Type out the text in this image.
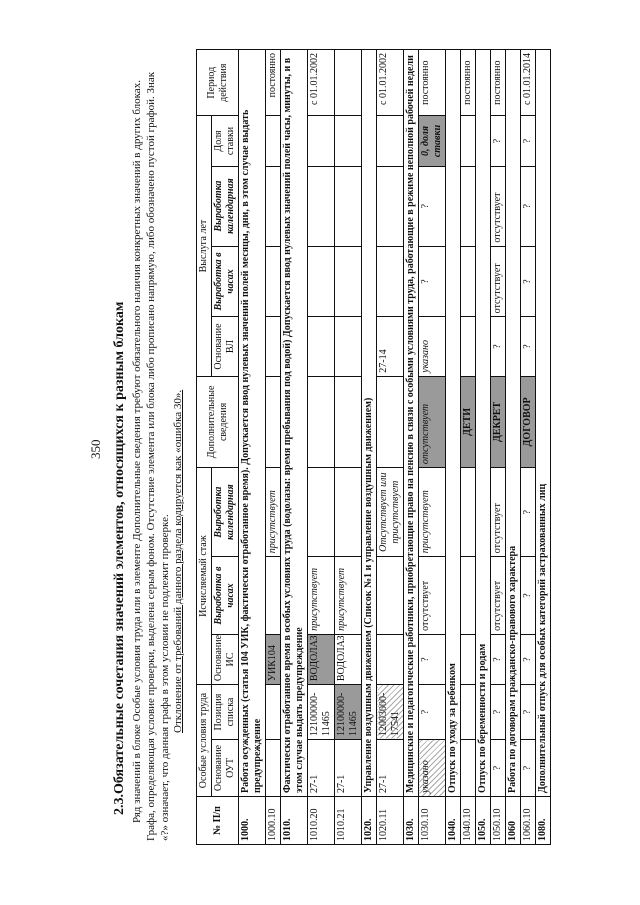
350 2.3.Обязательные сочетания значений элементов, относящихся к разным блокам Ряд значений в блоке Особые условия труда или в элементе Дополнительные сведения требуют обязательного наличия конкретных значений в других блоках. Графа, определяющая условие проверки, выделена серым фоном. Отсутствие элемента или блока либо прописано напрямую, либо обозначено пустой графой. Знак «?» означает, что данная графа в этом условии не подлежит проверке. Отклонение от требований данного раздела кодируется как «ошибка 30».
№ П/п	Особые условия труда		Исчисляемый стаж			Дополнительные сведения	Выслуга лет				Период действия
	Основание ОУТ	Позиция списка	Основание ИС	Выработка в часах	Выработка календарная		Основание ВЛ	Выработка в часах	Выработка календарная	Доля ставки	
1000.	Работа осужденных (статья 104 УИК, фактически отработанное время). Допускается ввод нулевых значений полей месяцы, дни, в этом случае выдать предупреждение										
1000.10			УИК104		присутствует						постоянно
1010.	Фактически отработанное время в особых условиях труда (водолазы: время пребывания под водой) Допускается ввод нулевых значений полей часы, минуты, и в этом случае выдать предупреждение										
1010.20	27-1	12100000-11465	ВОДОЛАЗ	присутствует							с 01.01.2002
1010.21	27-1	12100000-11465	ВОДОЛАЗ	присутствует							
1020.	Управление воздушным движением (Список №1 и управление воздушным движением)										
1020.11	27-1	12003000-17541			Отсутствует или присутствует		27-14				с 01.01.2002
1030.	Медицинские и педагогические работники, приобретающие право на пенсию в связи с особыми условиями труда, работающие в режиме неполной рабочей недели										
1030.10	указано	?	?	отсутствует	присутствует	отсутствует	указано	?	?	0, доля ставки	постоянно
1040.	Отпуск по уходу за ребенком										
1040.10						ДЕТИ					постоянно
1050.	Отпуск по беременности и родам										
1050.10	?	?	?	отсутствует	отсутствует	ДЕКРЕТ	?	отсутствует	отсутствует	?	постоянно
1060	Работа по договорам гражданско-правового характера										
1060.10	?	?	?	?	?	ДОГОВОР	?	?	?	?	с 01.01.2014
1080.	Дополнительный отпуск для особых категорий застрахованных лиц										
